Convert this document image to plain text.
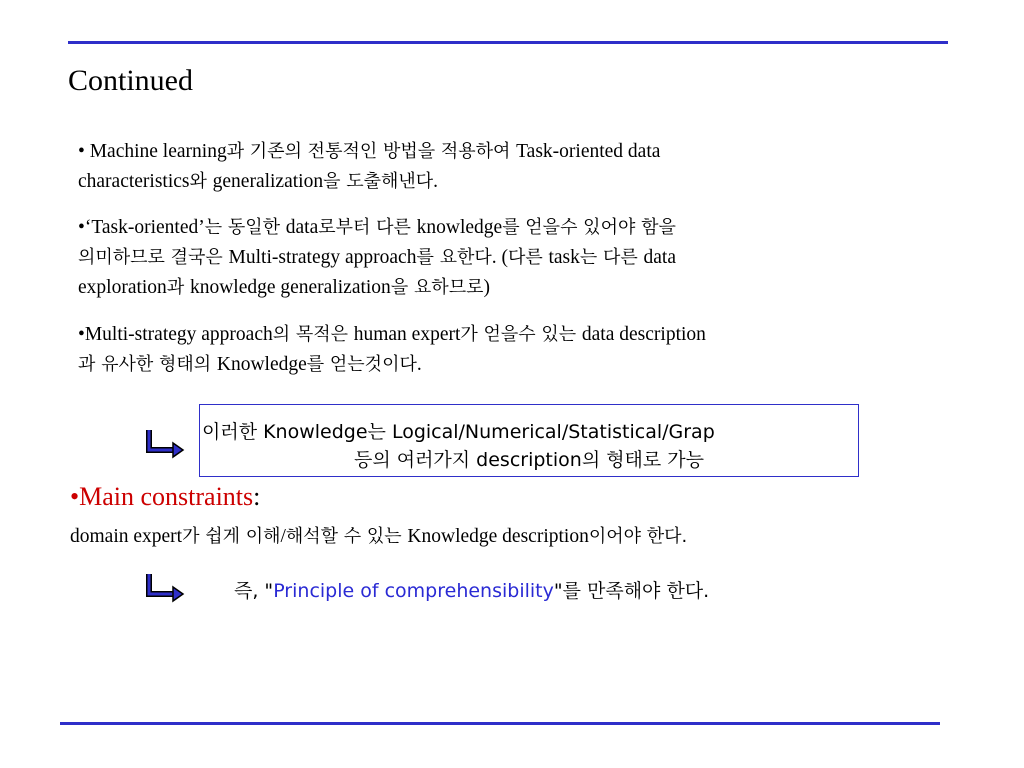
Continued
• Machine learning과 기존의 전통적인 방법을 적용하여 Task-oriented data
characteristics와 generalization을 도출해낸다.
•‘Task-oriented’는 동일한 data로부터 다른 knowledge를 얻을수 있어야 함을
의미하므로 결국은 Multi-strategy approach를 요한다. (다른 task는 다른 data
exploration과 knowledge generalization을 요하므로)
•Multi-strategy approach의 목적은 human expert가 얻을수 있는 data description
과 유사한 형태의 Knowledge를 얻는것이다.
이러한 Knowledge는 Logical/Numerical/Statistical/Grap
등의 여러가지 description의 형태로 가능
•Main constraints:
domain expert가 쉽게 이해/해석할 수 있는 Knowledge description이어야 한다.
즉, "Principle of comprehensibility"를 만족해야 한다.
